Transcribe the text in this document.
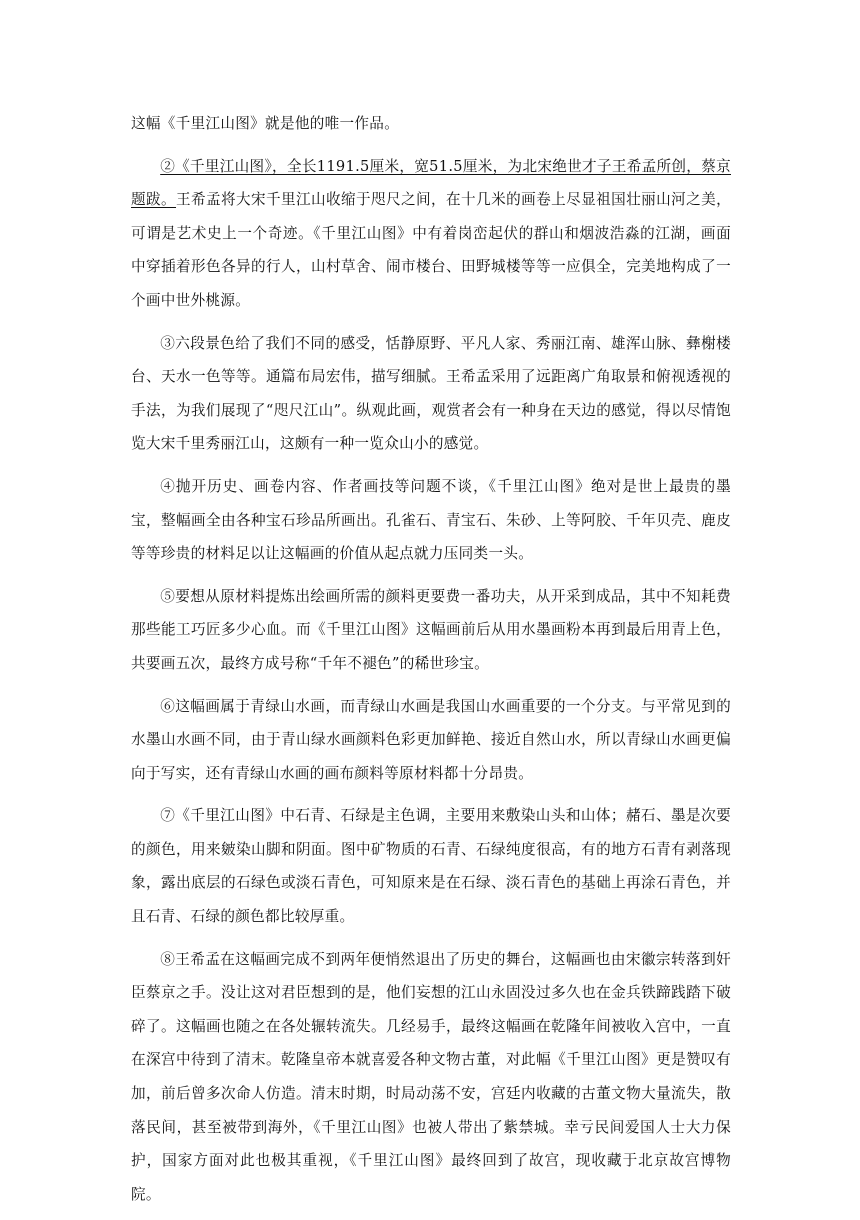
这幅《千里江山图》就是他的唯一作品。

②《千里江山图》，全长1191.5厘米，宽51.5厘米，为北宋绝世才子王希孟所创，蔡京题跋。王希孟将大宋千里江山收缩于咫尺之间，在十几米的画卷上尽显祖国壮丽山河之美，可谓是艺术史上一个奇迹。《千里江山图》中有着岗峦起伏的群山和烟波浩淼的江湖，画面中穿插着形色各异的行人，山村草舍、闹市楼台、田野城楼等等一应俱全，完美地构成了一个画中世外桃源。

③六段景色给了我们不同的感受，恬静原野、平凡人家、秀丽江南、雄浑山脉、彝榭楼台、天水一色等等。通篇布局宏伟，描写细腻。王希孟采用了远距离广角取景和俯视透视的手法，为我们展现了“咫尺江山”。纵观此画，观赏者会有一种身在天边的感觉，得以尽情饱览大宋千里秀丽江山，这颇有一种一览众山小的感觉。

④抛开历史、画卷内容、作者画技等问题不谈，《千里江山图》绝对是世上最贵的墨宝，整幅画全由各种宝石珍品所画出。孔雀石、青宝石、朱砂、上等阿胶、千年贝壳、鹿皮等等珍贵的材料足以让这幅画的价值从起点就力压同类一头。

⑤要想从原材料提炼出绘画所需的颜料更要费一番功夫，从开采到成品，其中不知耗费那些能工巧匠多少心血。而《千里江山图》这幅画前后从用水墨画粉本再到最后用青上色，共要画五次，最终方成号称“千年不褪色”的稀世珍宝。

⑥这幅画属于青绿山水画，而青绿山水画是我国山水画重要的一个分支。与平常见到的水墨山水画不同，由于青山绿水画颜料色彩更加鲜艳、接近自然山水，所以青绿山水画更偏向于写实，还有青绿山水画的画布颜料等原材料都十分昂贵。

⑦《千里江山图》中石青、石绿是主色调，主要用来敷染山头和山体；赭石、墨是次要的颜色，用来皴染山脚和阴面。图中矿物质的石青、石绿纯度很高，有的地方石青有剥落现象，露出底层的石绿色或淡石青色，可知原来是在石绿、淡石青色的基础上再涂石青色，并且石青、石绿的颜色都比较厚重。

⑧王希孟在这幅画完成不到两年便悄然退出了历史的舞台，这幅画也由宋徽宗转落到奸臣蔡京之手。没让这对君臣想到的是，他们妄想的江山永固没过多久也在金兵铁蹄践踏下破碎了。这幅画也随之在各处辗转流失。几经易手，最终这幅画在乾隆年间被收入宫中，一直在深宫中待到了清末。乾隆皇帝本就喜爱各种文物古董，对此幅《千里江山图》更是赞叹有加，前后曾多次命人仿造。清末时期，时局动荡不安，宫廷内收藏的古董文物大量流失，散落民间，甚至被带到海外，《千里江山图》也被人带出了紫禁城。幸亏民间爱国人士大力保护，国家方面对此也极其重视，《千里江山图》最终回到了故宫，现收藏于北京故宫博物院。
